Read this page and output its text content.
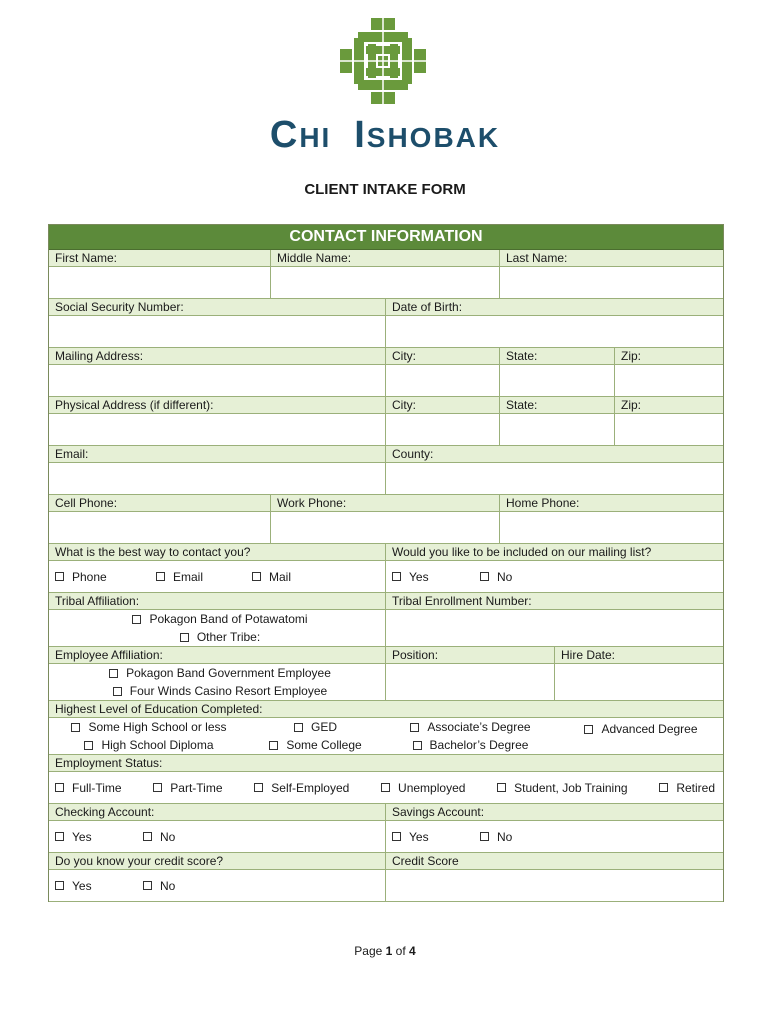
CHI ISHOBAK
CLIENT INTAKE FORM
CONTACT INFORMATION
First Name:	Middle Name:	Last Name:
Social Security Number:	Date of Birth:
Mailing Address:	City:	State:	Zip:
Physical Address (if different):	City:	State:	Zip:
Email:	County:
Cell Phone:	Work Phone:	Home Phone:
What is the best way to contact you?	Would you like to be included on our mailing list?
Phone	Email	Mail	Yes	No
Tribal Affiliation:	Tribal Enrollment Number:
Pokagon Band of Potawatomi
Other Tribe:
Employee Affiliation:	Position:	Hire Date:
Pokagon Band Government Employee
Four Winds Casino Resort Employee
Highest Level of Education Completed:
Some High School or less
High School Diploma
GED
Some College
Associate’s Degree
Bachelor’s Degree
Advanced Degree
Employment Status:
Full-Time	Part-Time	Self-Employed	Unemployed	Student, Job Training	Retired
Checking Account:	Savings Account:
Yes	No	Yes	No
Do you know your credit score?	Credit Score
Yes	No
Page 1 of 4
